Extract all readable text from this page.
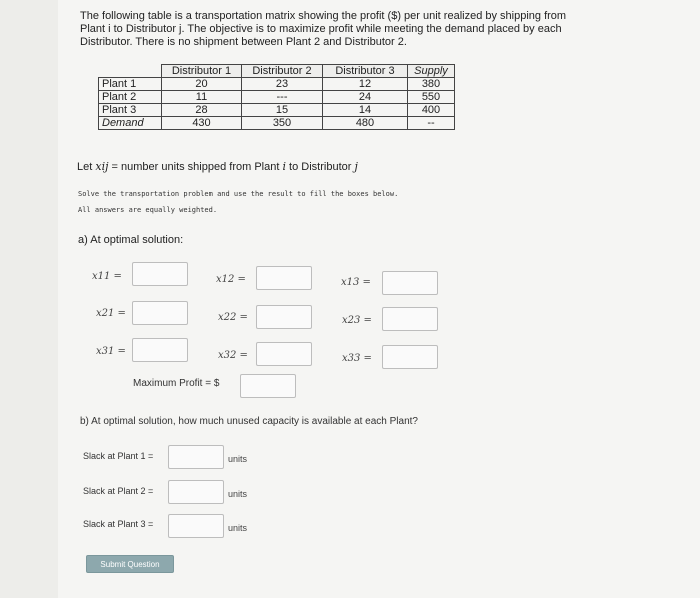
The following table is a transportation matrix showing the profit ($) per unit realized by shipping from
Plant i to Distributor j. The objective is to maximize profit while meeting the demand placed by each
Distributor. There is no shipment between Plant 2 and Distributor 2.
	Distributor 1	Distributor 2	Distributor 3	Supply
Plant 1	20	23	12	380
Plant 2	11	---	24	550
Plant 3	28	15	14	400
Demand	430	350	480	--
Let xij = number units shipped from Plant i to Distributor j
Solve the transportation problem and use the result to fill the boxes below.
All answers are equally weighted.
a) At optimal solution:
x11 =	x12 =	x13 =
x21 =	x22 =	x23 =
x31 =	x32 =	x33 =
Maximum Profit = $
b) At optimal solution, how much unused capacity is available at each Plant?
Slack at Plant 1 =	units
Slack at Plant 2 =	units
Slack at Plant 3 =	units
Submit Question
